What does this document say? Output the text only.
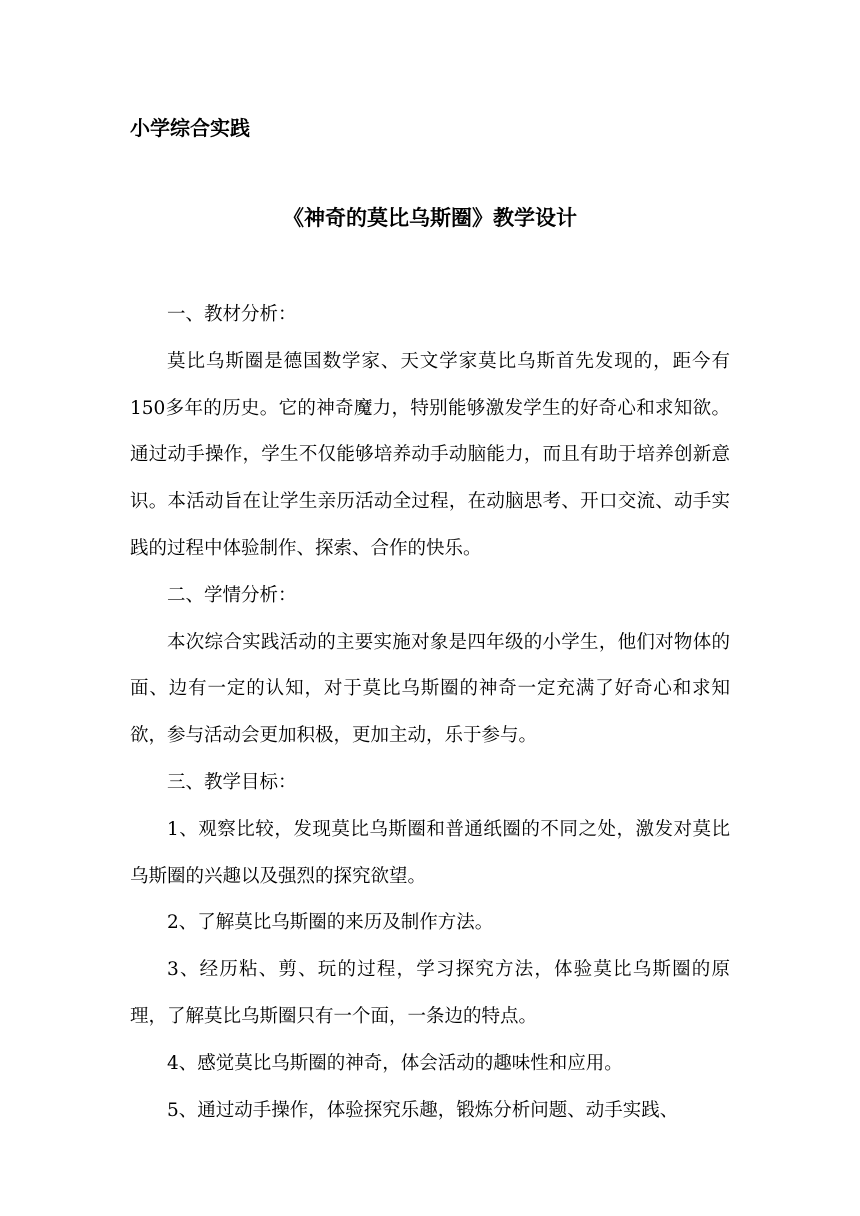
小学综合实践
《神奇的莫比乌斯圈》教学设计

一、教材分析：

莫比乌斯圈是德国数学家、天文学家莫比乌斯首先发现的，距今有150多年的历史。它的神奇魔力，特别能够激发学生的好奇心和求知欲。通过动手操作，学生不仅能够培养动手动脑能力，而且有助于培养创新意识。本活动旨在让学生亲历活动全过程，在动脑思考、开口交流、动手实践的过程中体验制作、探索、合作的快乐。

二、学情分析：

本次综合实践活动的主要实施对象是四年级的小学生，他们对物体的面、边有一定的认知，对于莫比乌斯圈的神奇一定充满了好奇心和求知欲，参与活动会更加积极，更加主动，乐于参与。

三、教学目标：

1、观察比较，发现莫比乌斯圈和普通纸圈的不同之处，激发对莫比乌斯圈的兴趣以及强烈的探究欲望。

2、了解莫比乌斯圈的来历及制作方法。

3、经历粘、剪、玩的过程，学习探究方法，体验莫比乌斯圈的原理，了解莫比乌斯圈只有一个面，一条边的特点。

4、感觉莫比乌斯圈的神奇，体会活动的趣味性和应用。

5、通过动手操作，体验探究乐趣，锻炼分析问题、动手实践、
